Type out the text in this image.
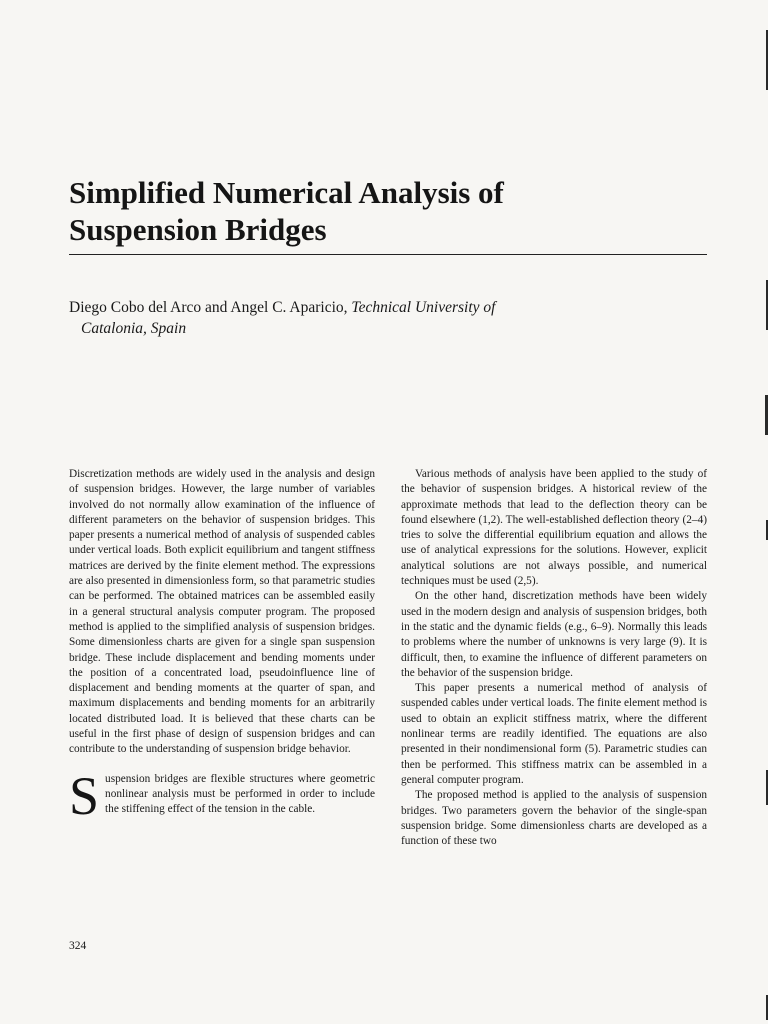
Simplified Numerical Analysis of
Suspension Bridges
Diego Cobo del Arco and Angel C. Aparicio, Technical University of
Catalonia, Spain

Discretization methods are widely used in the analysis and design of suspension bridges. However, the large number of variables involved do not normally allow examination of the influence of different parameters on the behavior of suspension bridges. This paper presents a numerical method of analysis of suspended cables under vertical loads. Both explicit equilibrium and tangent stiffness matrices are derived by the finite element method. The expressions are also presented in dimensionless form, so that parametric studies can be performed. The obtained matrices can be assembled easily in a general structural analysis computer program. The proposed method is applied to the simplified analysis of suspension bridges. Some dimensionless charts are given for a single span suspension bridge. These include displacement and bending moments under the position of a concentrated load, pseudoinfluence line of displacement and bending moments at the quarter of span, and maximum displacements and bending moments for an arbitrarily located distributed load. It is believed that these charts can be useful in the first phase of design of suspension bridges and can contribute to the understanding of suspension bridge behavior.

Suspension bridges are flexible structures where geometric nonlinear analysis must be performed in order to include the stiffening effect of the tension in the cable.

Various methods of analysis have been applied to the study of the behavior of suspension bridges. A historical review of the approximate methods that lead to the deflection theory can be found elsewhere (1,2). The well-established deflection theory (2–4) tries to solve the differential equilibrium equation and allows the use of analytical expressions for the solutions. However, explicit analytical solutions are not always possible, and numerical techniques must be used (2,5).

On the other hand, discretization methods have been widely used in the modern design and analysis of suspension bridges, both in the static and the dynamic fields (e.g., 6–9). Normally this leads to problems where the number of unknowns is very large (9). It is difficult, then, to examine the influence of different parameters on the behavior of the suspension bridge.

This paper presents a numerical method of analysis of suspended cables under vertical loads. The finite element method is used to obtain an explicit stiffness matrix, where the different nonlinear terms are readily identified. The equations are also presented in their nondimensional form (5). Parametric studies can then be performed. This stiffness matrix can be assembled in a general computer program.

The proposed method is applied to the analysis of suspension bridges. Two parameters govern the behavior of the single-span suspension bridge. Some dimensionless charts are developed as a function of these two

324
